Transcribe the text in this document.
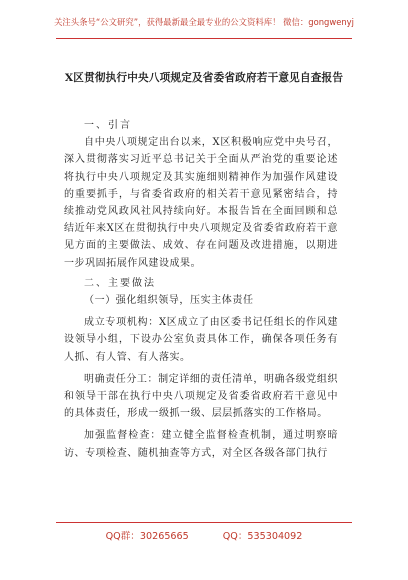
关注头条号“公文研究”，获得最新最全最专业的公文资料库！ 微信：gongwenyj
X区贯彻执行中央八项规定及省委省政府若干意见自查报告

一、引言

自中央八项规定出台以来，X区积极响应党中央号召，深入贯彻落实习近平总书记关于全面从严治党的重要论述将执行中央八项规定及其实施细则精神作为加强作风建设的重要抓手，与省委省政府的相关若干意见紧密结合，持续推动党风政风社风持续向好。本报告旨在全面回顾和总结近年来X区在贯彻执行中央八项规定及省委省政府若干意见方面的主要做法、成效、存在问题及改进措施，以期进一步巩固拓展作风建设成果。

二、主要做法

（一）强化组织领导，压实主体责任

成立专项机构：X区成立了由区委书记任组长的作风建设领导小组，下设办公室负责具体工作，确保各项任务有人抓、有人管、有人落实。

明确责任分工：制定详细的责任清单，明确各级党组织和领导干部在执行中央八项规定及省委省政府若干意见中的具体责任，形成一级抓一级、层层抓落实的工作格局。

加强监督检查：建立健全监督检查机制，通过明察暗访、专项检查、随机抽查等方式，对全区各级各部门执行

QQ群：30265665	QQ：535304092
